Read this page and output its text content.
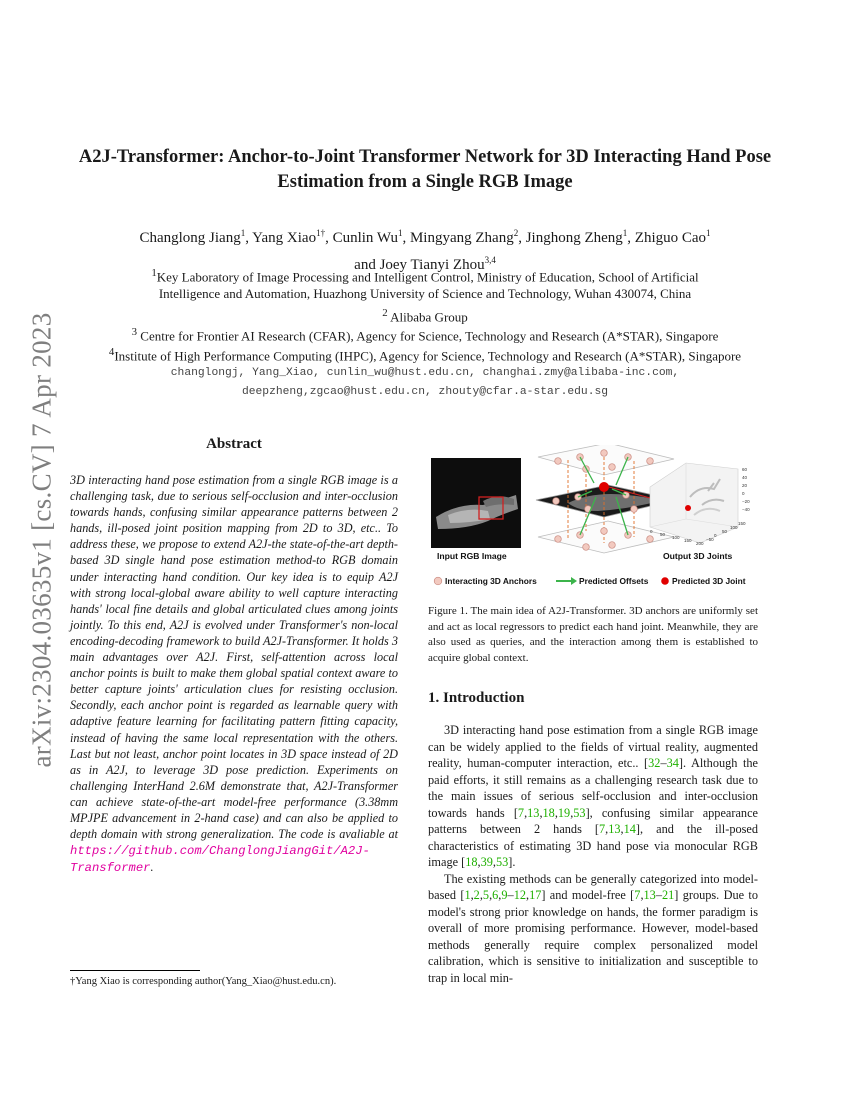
arXiv:2304.03635v1 [cs.CV] 7 Apr 2023
A2J-Transformer: Anchor-to-Joint Transformer Network for 3D Interacting Hand Pose Estimation from a Single RGB Image
Changlong Jiang$^1$, Yang Xiao$^{1\dagger}$, Cunlin Wu$^1$, Mingyang Zhang$^2$, Jinghong Zheng$^1$, Zhiguo Cao$^1$
and Joey Tianyi Zhou$^{3,4}$
$^1$Key Laboratory of Image Processing and Intelligent Control, Ministry of Education, School of Artificial
Intelligence and Automation, Huazhong University of Science and Technology, Wuhan 430074, China
$^2$ Alibaba Group
$^3$ Centre for Frontier AI Research (CFAR), Agency for Science, Technology and Research (A*STAR), Singapore
$^4$Institute of High Performance Computing (IHPC), Agency for Science, Technology and Research (A*STAR), Singapore
changlongj, Yang_Xiao, cunlin_wu@hust.edu.cn, changhai.zmy@alibaba-inc.com,
deepzheng,zgcao@hust.edu.cn, zhouty@cfar.a-star.edu.sg
Abstract
3D interacting hand pose estimation from a single RGB image is a challenging task, due to serious self-occlusion and inter-occlusion towards hands, confusing similar appearance patterns between 2 hands, ill-posed joint position mapping from 2D to 3D, etc.. To address these, we propose to extend A2J-the state-of-the-art depth-based 3D single hand pose estimation method-to RGB domain under interacting hand condition. Our key idea is to equip A2J with strong local-global aware ability to well capture interacting hands' local fine details and global articulated clues among joints jointly. To this end, A2J is evolved under Transformer's non-local encoding-decoding framework to build A2J-Transformer. It holds 3 main advantages over A2J. First, self-attention across local anchor points is built to make them global spatial context aware to better capture joints' articulation clues for resisting occlusion. Secondly, each anchor point is regarded as learnable query with adaptive feature learning for facilitating pattern fitting capacity, instead of having the same local representation with the others. Last but not least, anchor point locates in 3D space instead of 2D as in A2J, to leverage 3D pose prediction. Experiments on challenging InterHand 2.6M demonstrate that, A2J-Transformer can achieve state-of-the-art model-free performance (3.38mm MPJPE advancement in 2-hand case) and can also be applied to depth domain with strong generalization. The code is avaliable at https://github.com/ChanglongJiangGit/A2J-Transformer.
†Yang Xiao is corresponding author(Yang_Xiao@hust.edu.cn).
60
40
20
0
−20
−40
0
50
100
150
200
150
100
50
0
−50
Input RGB Image	Output 3D Joints
Interacting 3D Anchors	Predicted Offsets	Predicted 3D Joint
Figure 1. The main idea of A2J-Transformer. 3D anchors are uniformly set and act as local regressors to predict each hand joint. Meanwhile, they are also used as queries, and the interaction among them is established to acquire global context.
1. Introduction

3D interacting hand pose estimation from a single RGB image can be widely applied to the fields of virtual reality, augmented reality, human-computer interaction, etc.. [32–34]. Although the paid efforts, it still remains as a challenging research task due to the main issues of serious self-occlusion and inter-occlusion towards hands [7,13,18,19,53], confusing similar appearance patterns between 2 hands [7,13,14], and the ill-posed characteristics of estimating 3D hand pose via monocular RGB image [18,39,53].

The existing methods can be generally categorized into model-based [1,2,5,6,9–12,17] and model-free [7,13–21] groups. Due to model's strong prior knowledge on hands, the former paradigm is overall of more promising performance. However, model-based methods generally require complex personalized model calibration, which is sensitive to initialization and susceptible to trap in local min-
